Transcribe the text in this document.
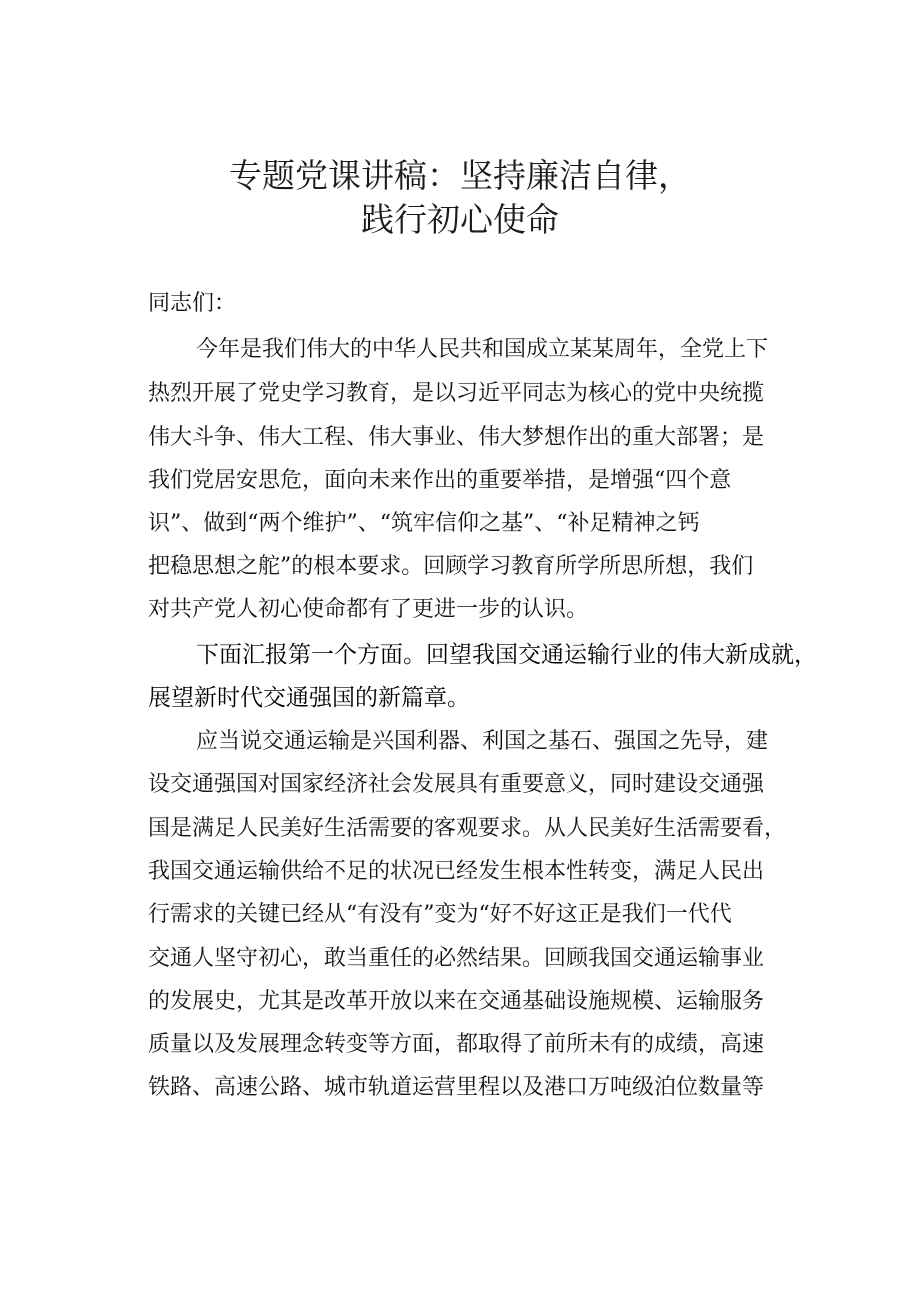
专题党课讲稿：坚持廉洁自律，
践行初心使命
同志们：
今年是我们伟大的中华人民共和国成立某某周年，全党上下
热烈开展了党史学习教育，是以习近平同志为核心的党中央统揽
伟大斗争、伟大工程、伟大事业、伟大梦想作出的重大部署；是
我们党居安思危，面向未来作出的重要举措，是增强“四个意
识”、做到“两个维护”、“筑牢信仰之基”、“补足精神之钙
把稳思想之舵”的根本要求。回顾学习教育所学所思所想，我们
对共产党人初心使命都有了更进一步的认识。
下面汇报第一个方面。回望我国交通运输行业的伟大新成就，
展望新时代交通强国的新篇章。
应当说交通运输是兴国利器、利国之基石、强国之先导，建
设交通强国对国家经济社会发展具有重要意义，同时建设交通强
国是满足人民美好生活需要的客观要求。从人民美好生活需要看，
我国交通运输供给不足的状况已经发生根本性转变，满足人民出
行需求的关键已经从“有没有”变为“好不好这正是我们一代代
交通人坚守初心，敢当重任的必然结果。回顾我国交通运输事业
的发展史，尤其是改革开放以来在交通基础设施规模、运输服务
质量以及发展理念转变等方面，都取得了前所未有的成绩，高速
铁路、高速公路、城市轨道运营里程以及港口万吨级泊位数量等
